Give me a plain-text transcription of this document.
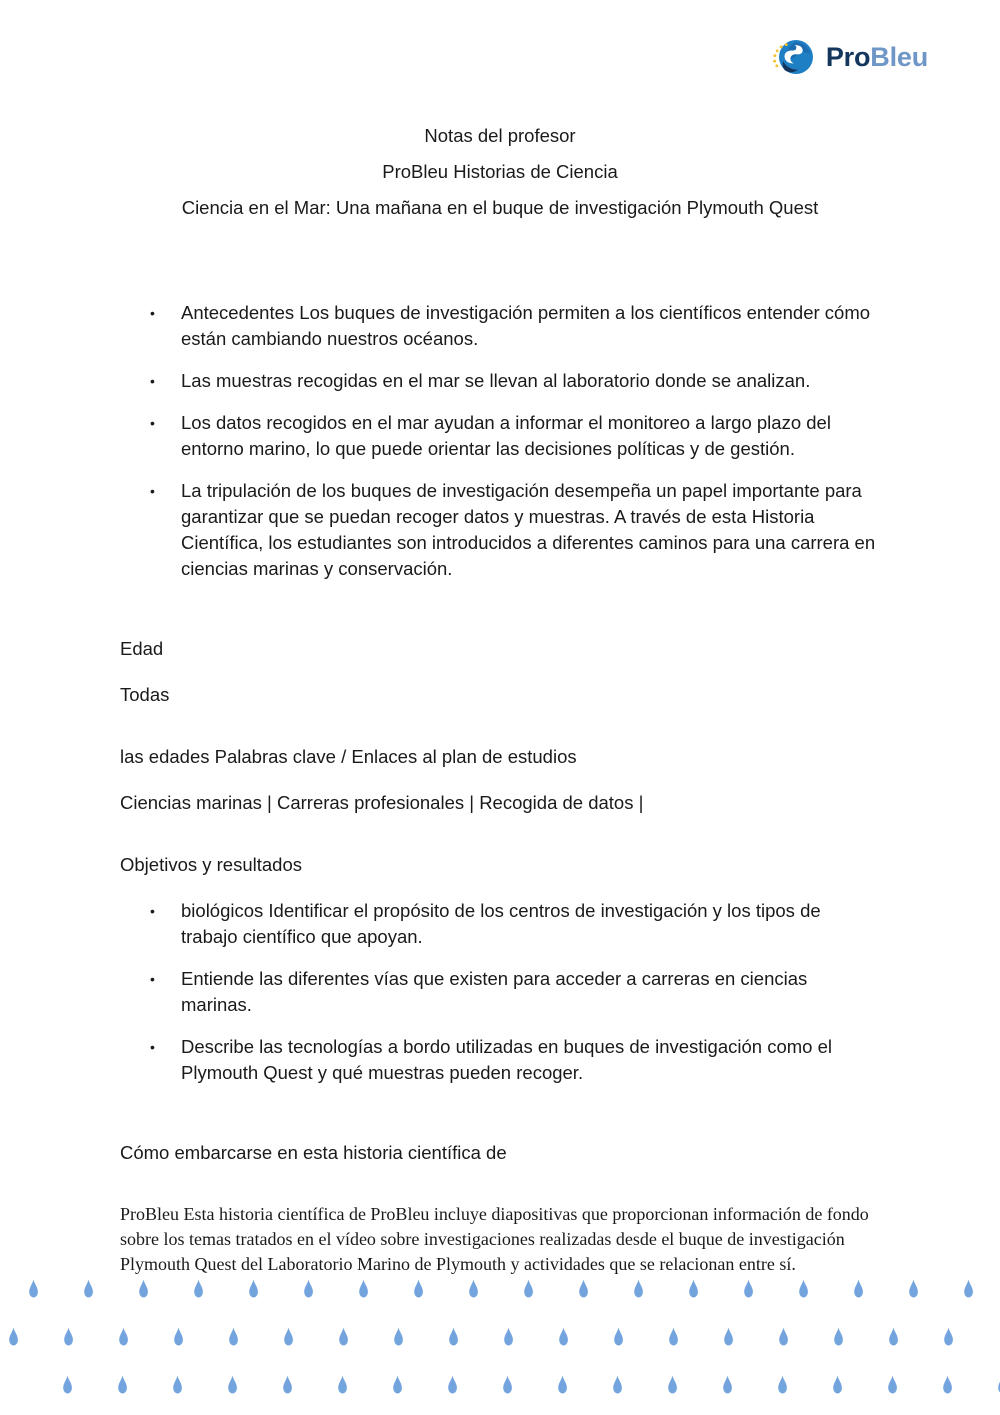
ProBleu
Notas del profesor
ProBleu Historias de Ciencia
Ciencia en el Mar: Una mañana en el buque de investigación Plymouth Quest
• Antecedentes Los buques de investigación permiten a los científicos entender cómo están cambiando nuestros océanos.
• Las muestras recogidas en el mar se llevan al laboratorio donde se analizan.
• Los datos recogidos en el mar ayudan a informar el monitoreo a largo plazo del entorno marino, lo que puede orientar las decisiones políticas y de gestión.
• La tripulación de los buques de investigación desempeña un papel importante para garantizar que se puedan recoger datos y muestras. A través de esta Historia Científica, los estudiantes son introducidos a diferentes caminos para una carrera en ciencias marinas y conservación.

Edad

Todas

las edades Palabras clave / Enlaces al plan de estudios

Ciencias marinas | Carreras profesionales | Recogida de datos |

Objetivos y resultados

• biológicos Identificar el propósito de los centros de investigación y los tipos de trabajo científico que apoyan.
• Entiende las diferentes vías que existen para acceder a carreras en ciencias marinas.
• Describe las tecnologías a bordo utilizadas en buques de investigación como el Plymouth Quest y qué muestras pueden recoger.

Cómo embarcarse en esta historia científica de

ProBleu Esta historia científica de ProBleu incluye diapositivas que proporcionan información de fondo sobre los temas tratados en el vídeo sobre investigaciones realizadas desde el buque de investigación Plymouth Quest del Laboratorio Marino de Plymouth y actividades que se relacionan entre sí.
